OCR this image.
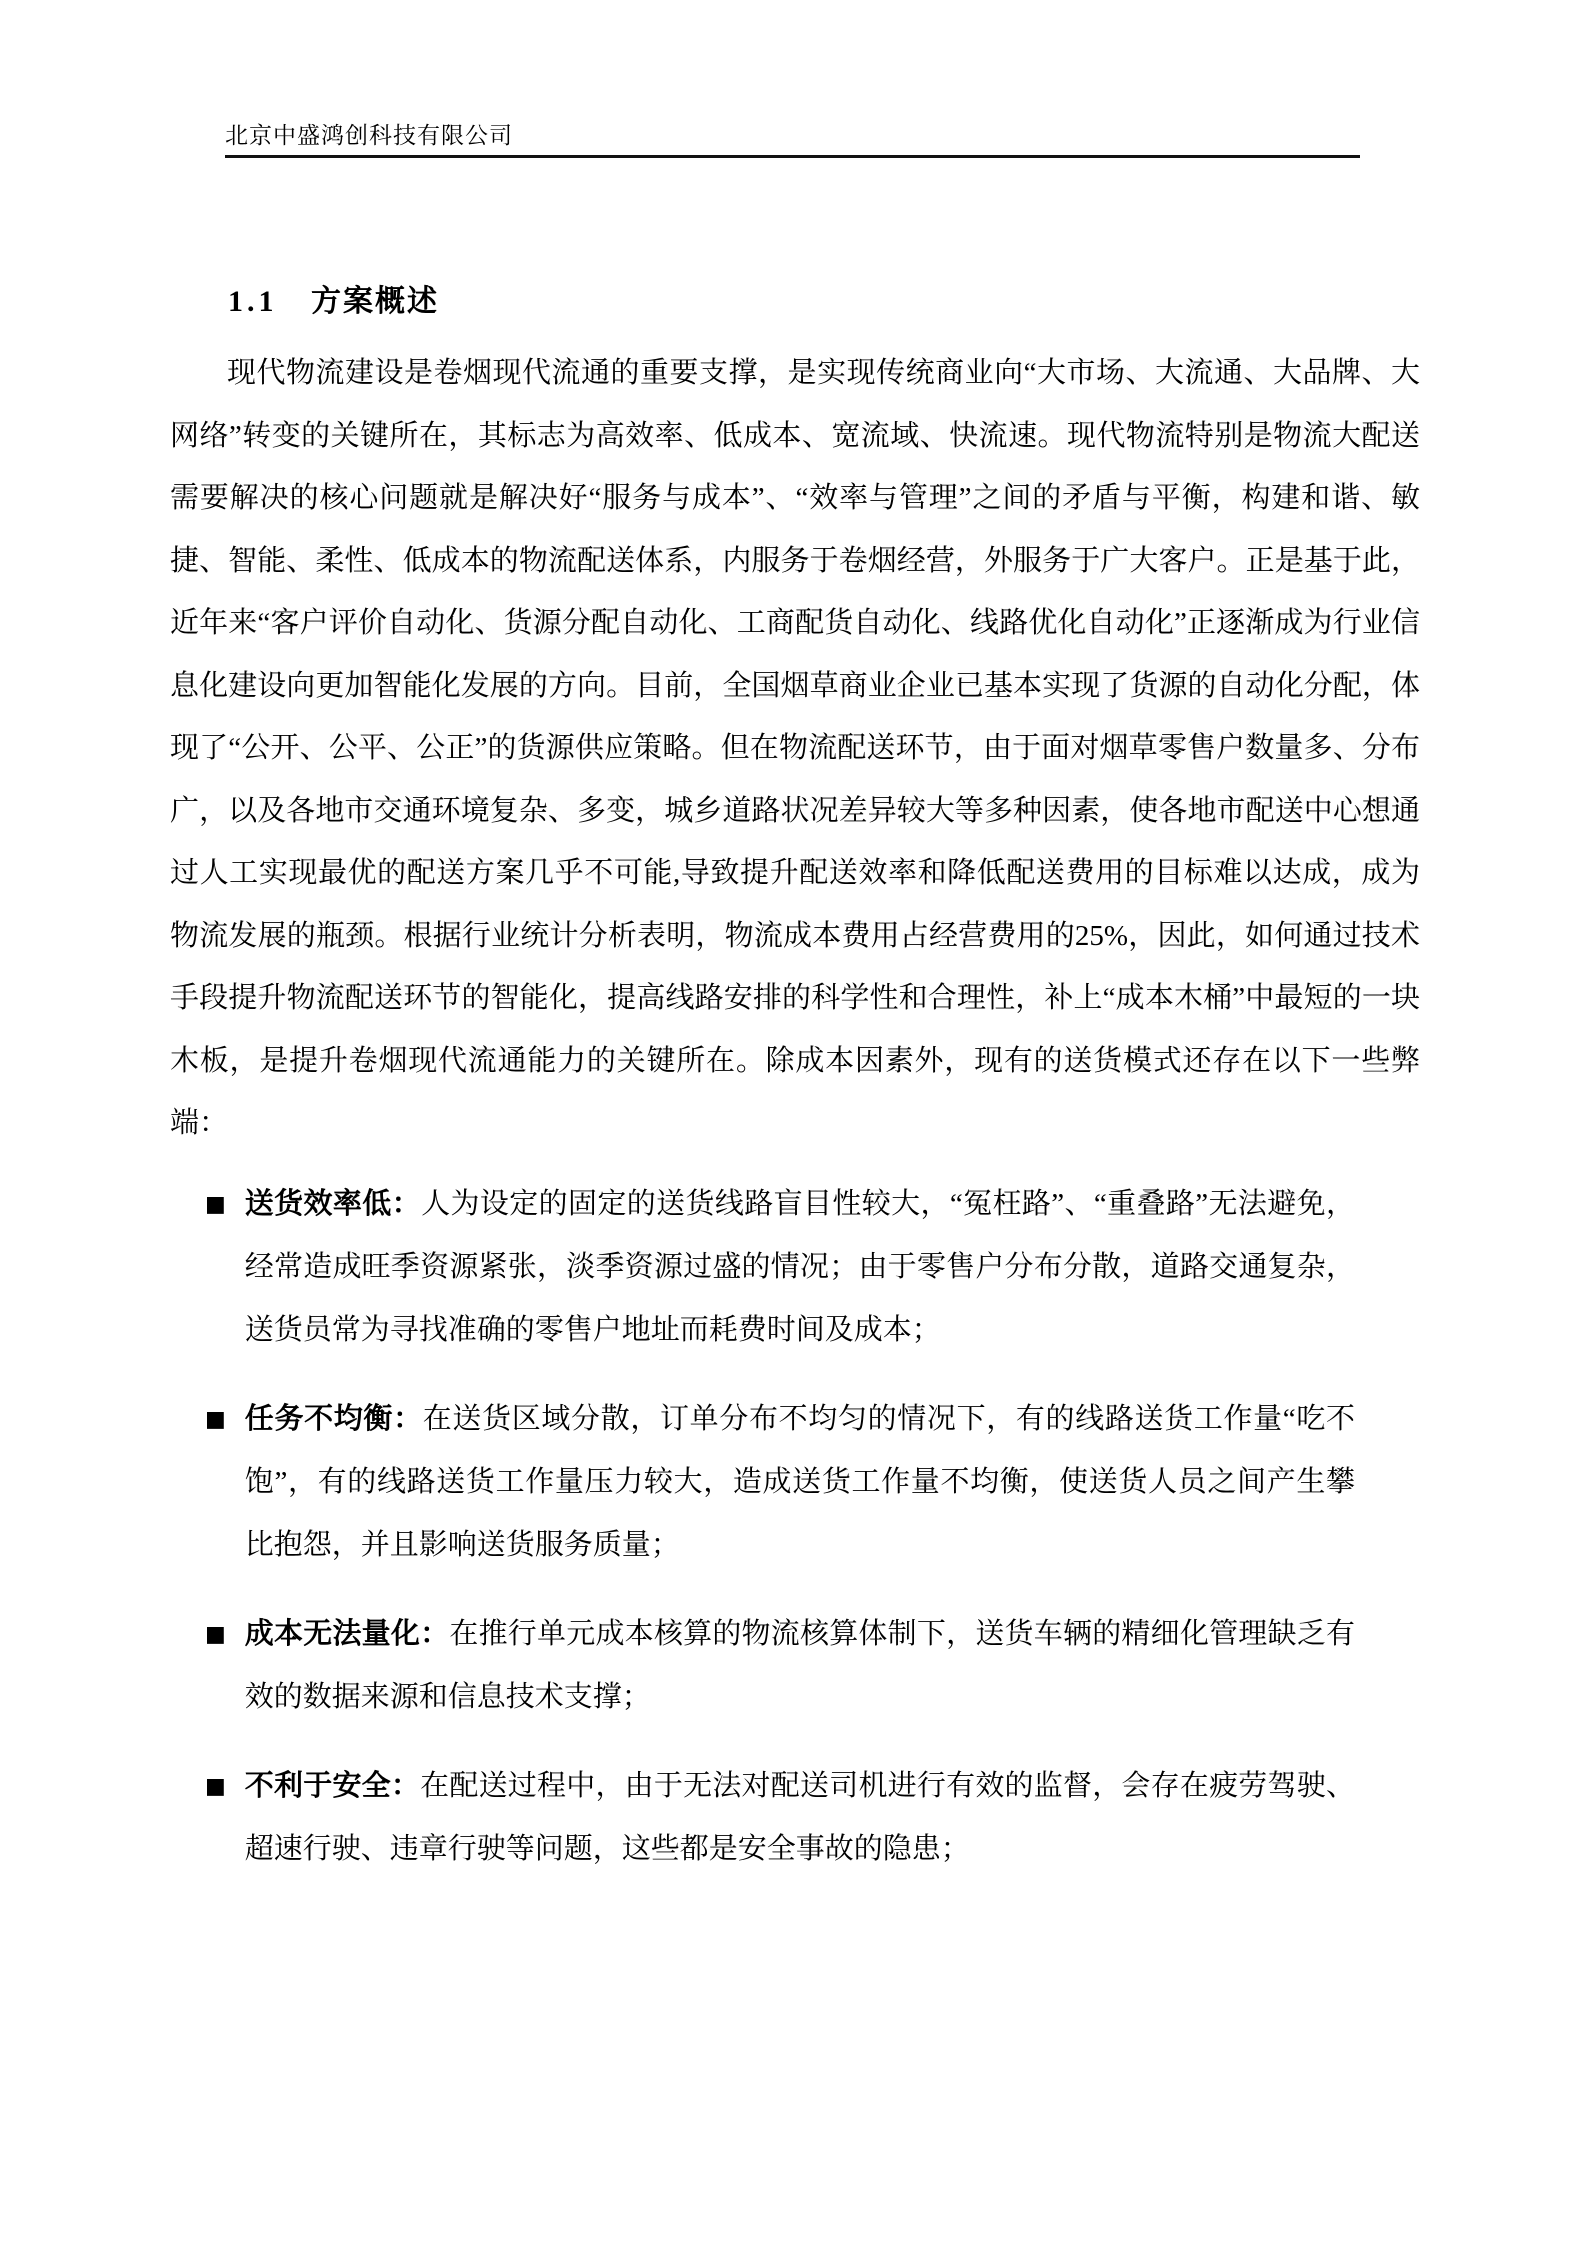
北京中盛鸿创科技有限公司
1.1 方案概述

现代物流建设是卷烟现代流通的重要支撑，是实现传统商业向“大市场、大流通、大品牌、大网络”转变的关键所在，其标志为高效率、低成本、宽流域、快流速。现代物流特别是物流大配送需要解决的核心问题就是解决好“服务与成本”、“效率与管理”之间的矛盾与平衡，构建和谐、敏捷、智能、柔性、低成本的物流配送体系，内服务于卷烟经营，外服务于广大客户。正是基于此，近年来“客户评价自动化、货源分配自动化、工商配货自动化、线路优化自动化”正逐渐成为行业信息化建设向更加智能化发展的方向。目前，全国烟草商业企业已基本实现了货源的自动化分配，体现了“公开、公平、公正”的货源供应策略。但在物流配送环节，由于面对烟草零售户数量多、分布广，以及各地市交通环境复杂、多变，城乡道路状况差异较大等多种因素，使各地市配送中心想通过人工实现最优的配送方案几乎不可能,导致提升配送效率和降低配送费用的目标难以达成，成为物流发展的瓶颈。根据行业统计分析表明，物流成本费用占经营费用的25%，因此，如何通过技术手段提升物流配送环节的智能化，提高线路安排的科学性和合理性，补上“成本木桶”中最短的一块木板，是提升卷烟现代流通能力的关键所在。除成本因素外，现有的送货模式还存在以下一些弊端：

■ 送货效率低：人为设定的固定的送货线路盲目性较大，“冤枉路”、“重叠路”无法避免，经常造成旺季资源紧张，淡季资源过盛的情况；由于零售户分布分散，道路交通复杂，送货员常为寻找准确的零售户地址而耗费时间及成本；
■ 任务不均衡：在送货区域分散，订单分布不均匀的情况下，有的线路送货工作量“吃不饱”，有的线路送货工作量压力较大，造成送货工作量不均衡，使送货人员之间产生攀比抱怨，并且影响送货服务质量；
■ 成本无法量化：在推行单元成本核算的物流核算体制下，送货车辆的精细化管理缺乏有效的数据来源和信息技术支撑；
■ 不利于安全：在配送过程中，由于无法对配送司机进行有效的监督，会存在疲劳驾驶、超速行驶、违章行驶等问题，这些都是安全事故的隐患；
